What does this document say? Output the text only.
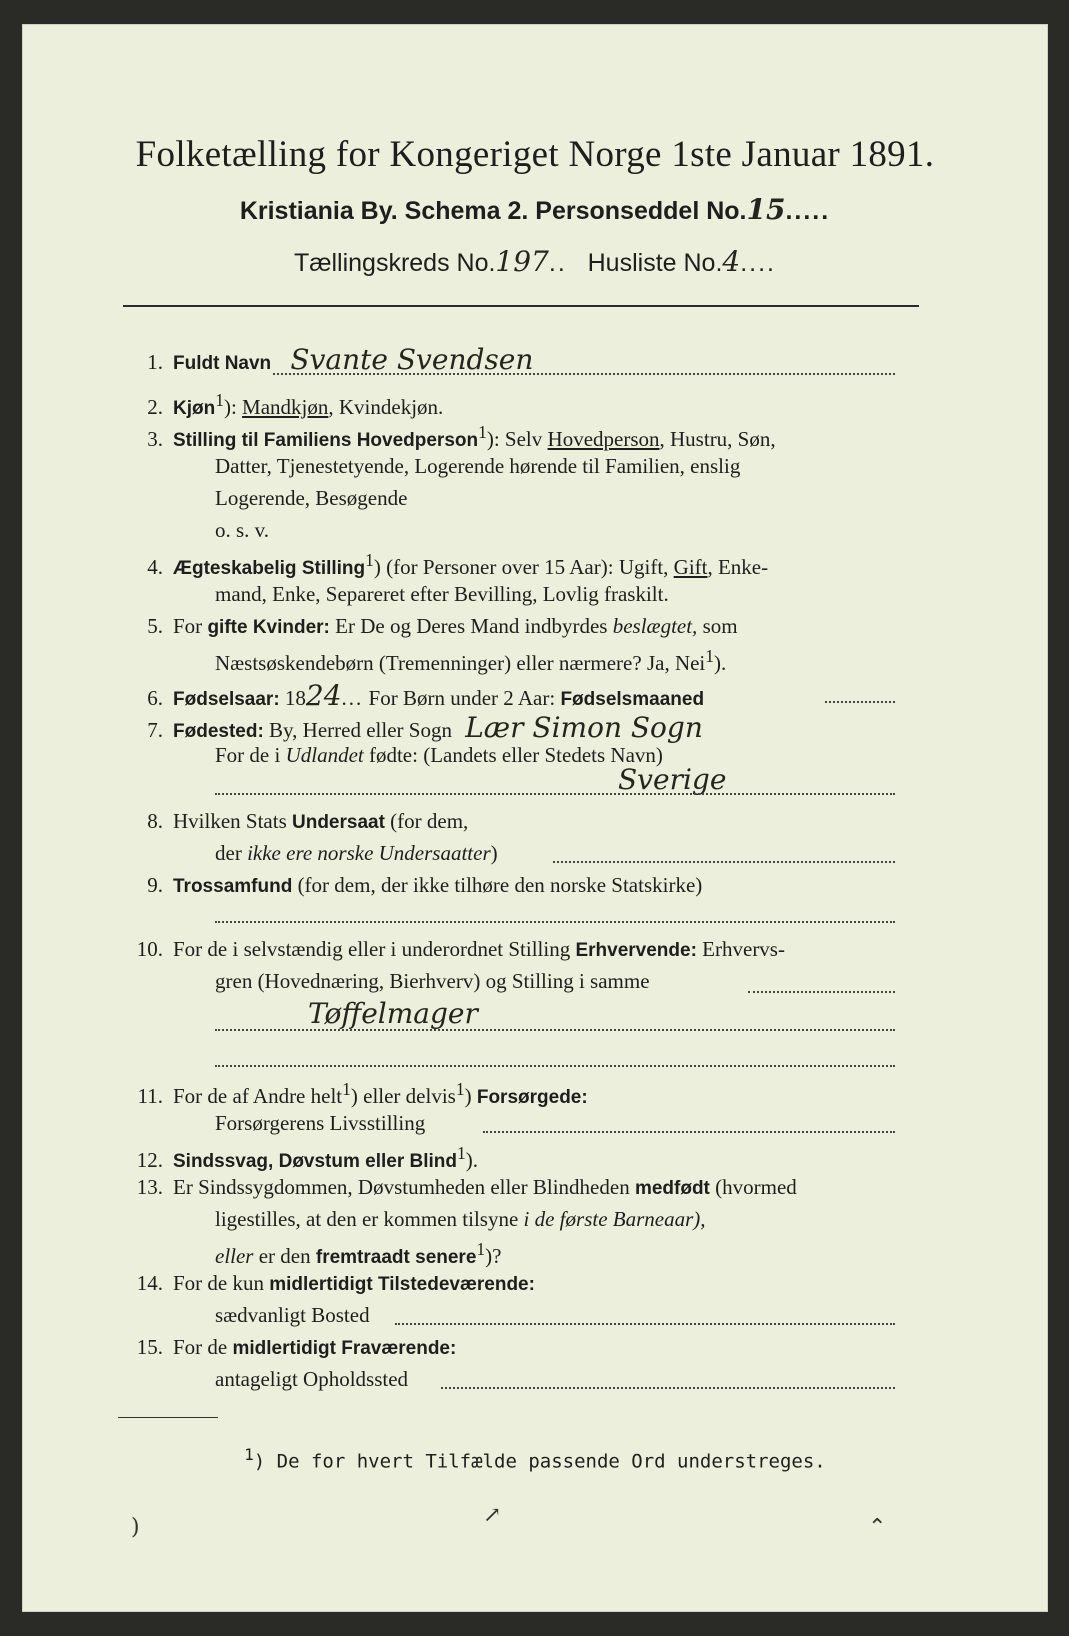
Folketælling for Kongeriget Norge 1ste Januar 1891.
Kristiania By. Schema 2. Personseddel No.15.....
Tællingskreds No.197.. Husliste No.4....
1. Fuldt Navn Svante Svendsen
2. Kjøn$^1$): Mandkjøn, Kvindekjøn.
3. Stilling til Familiens Hovedperson$^1$): Selv Hovedperson, Hustru, Søn,
Datter, Tjenestetyende, Logerende hørende til Familien, enslig
Logerende, Besøgende
o. s. v.
4. Ægteskabelig Stilling$^1$) (for Personer over 15 Aar): Ugift, Gift, Enke-
mand, Enke, Separeret efter Bevilling, Lovlig fraskilt.
5. For gifte Kvinder: Er De og Deres Mand indbyrdes beslægtet, som
Næstsøskendebørn (Tremenninger) eller nærmere? Ja, Nei$^1$).
6. Fødselsaar: 1824... For Børn under 2 Aar: Fødselsmaaned
7. Fødested: By, Herred eller Sogn Lær Simon Sogn
For de i Udlandet fødte: (Landets eller Stedets Navn)
Sverige
8. Hvilken Stats Undersaat (for dem,
der ikke ere norske Undersaatter)
9. Trossamfund (for dem, der ikke tilhøre den norske Statskirke)
10. For de i selvstændig eller i underordnet Stilling Erhvervende: Erhvervs-
gren (Hovednæring, Bierhverv) og Stilling i samme
Tøffelmager
11. For de af Andre helt$^1$) eller delvis$^1$) Forsørgede:
Forsørgerens Livsstilling
12. Sindssvag, Døvstum eller Blind$^1$).
13. Er Sindssygdommen, Døvstumheden eller Blindheden medfødt (hvormed
ligestilles, at den er kommen tilsyne i de første Barneaar),
eller er den fremtraadt senere$^1$)?
14. For de kun midlertidigt Tilstedeværende:
sædvanligt Bosted
15. For de midlertidigt Fraværende:
antageligt Opholdssted
$^1$) De for hvert Tilfælde passende Ord understreges.
)	↗	⌃
